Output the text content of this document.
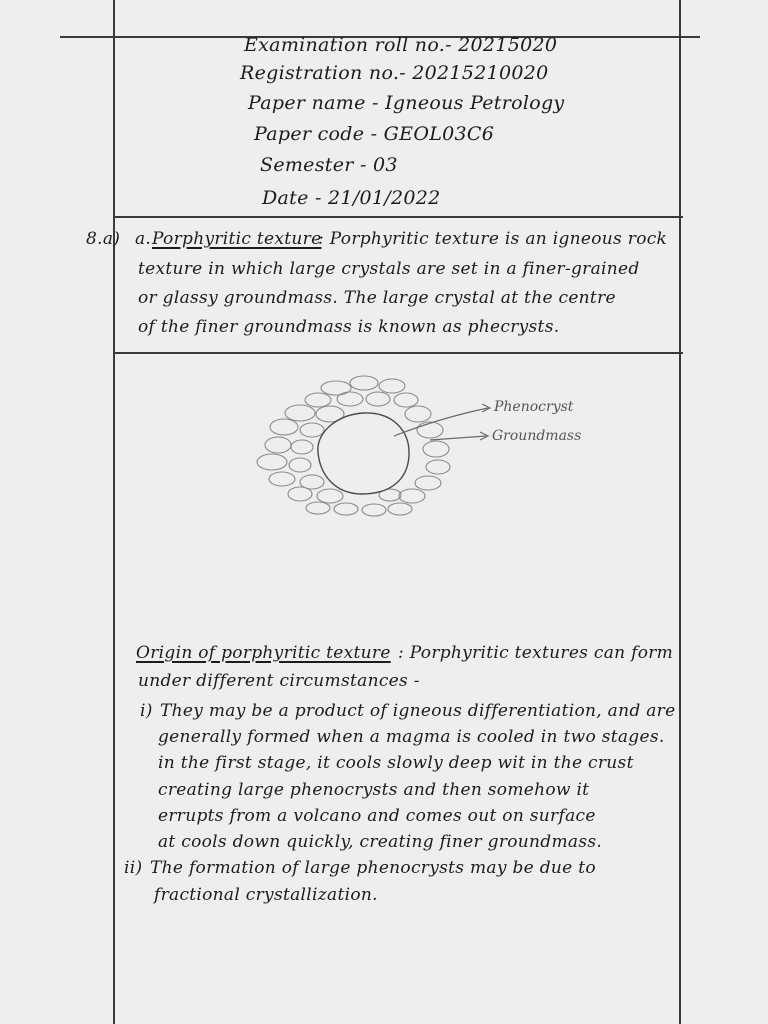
Examination roll no.- 20215020
Registration no.- 20215210020
Paper name - Igneous Petrology
Paper code - GEOL03C6
Semester - 03
Date - 21/01/2022
8.a) a. Porphyritic texture
: Porphyritic texture is an igneous rock
texture in which large crystals are set in a finer-grained
or glassy groundmass. The large crystal at the centre
of the finer groundmass is known as phecrysts.
Phenocryst
Groundmass
Origin of porphyritic texture : Porphyritic textures can form
under different circumstances -
i) They may be a product of igneous differentiation, and are
generally formed when a magma is cooled in two stages.
in the first stage, it cools slowly deep wit in the crust
creating large phenocrysts and then somehow it
errupts from a volcano and comes out on surface
at cools down quickly, creating finer groundmass.
ii) The formation of large phenocrysts may be due to
fractional crystallization.
